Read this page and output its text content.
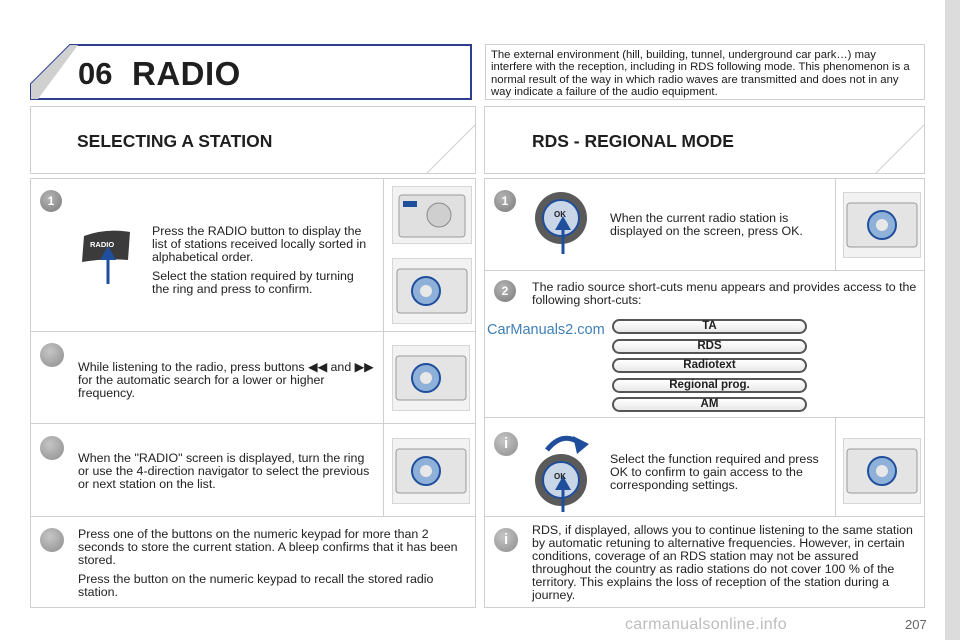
06 RADIO	The external environment (hill, building, tunnel, underground car park…) may interfere with the reception, including in RDS following mode. This phenomenon is a normal result of the way in which radio waves are transmitted and does not in any way indicate a failure of the audio equipment.
SELECTING A STATION
1
RADIO

Press the RADIO button to display the list of stations received locally sorted in alphabetical order.

Select the station required by turning the ring and press to confirm.

While listening to the radio, press buttons ◀◀ and ▶▶ for the automatic search for a lower or higher frequency.
When the "RADIO" screen is displayed, turn the ring or use the 4-direction navigator to select the previous or next station on the list.

Press one of the buttons on the numeric keypad for more than 2 seconds to store the current station. A bleep confirms that it has been stored.

Press the button on the numeric keypad to recall the stored radio station.

RDS - REGIONAL MODE
1
OK	When the current radio station is displayed on the screen, press OK.
2	The radio source short-cuts menu appears and provides access to the following short-cuts:
TA
RDS
Radiotext
Regional prog.
AM
CarManuals2.com
i
OK
Select the function required and press OK to confirm to gain access to the corresponding settings.
i
RDS, if displayed, allows you to continue listening to the same station by automatic retuning to alternative frequencies. However, in certain conditions, coverage of an RDS station may not be assured throughout the country as radio stations do not cover 100 % of the territory. This explains the loss of reception of the station during a journey.
207
carmanualsonline.info
